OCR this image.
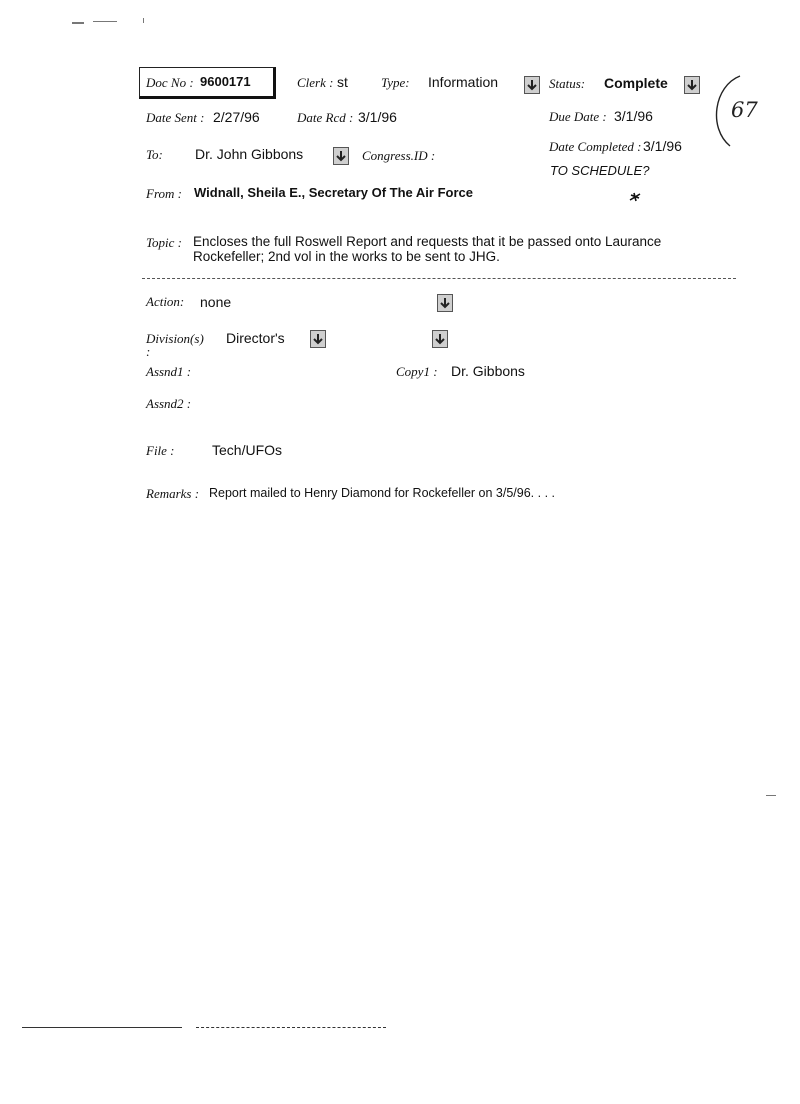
Doc No : 9600171	Clerk : st	Type: Information	Status: Complete
67
Date Sent : 2/27/96	Date Rcd : 3/1/96	Due Date : 3/1/96
To: Dr. John Gibbons	Congress.ID :
Date Completed : 3/1/96
TO SCHEDULE?
From : Widnall, Sheila E., Secretary Of The Air Force
Topic : Encloses the full Roswell Report and requests that it be passed onto Laurance
Rockefeller; 2nd vol in the works to be sent to JHG.
Action: none
Division(s)
:
Director's
Assnd1 :	Copy1 : Dr. Gibbons
Assnd2 :
File :	Tech/UFOs
Remarks : Report mailed to Henry Diamond for Rockefeller on 3/5/96. . . .
